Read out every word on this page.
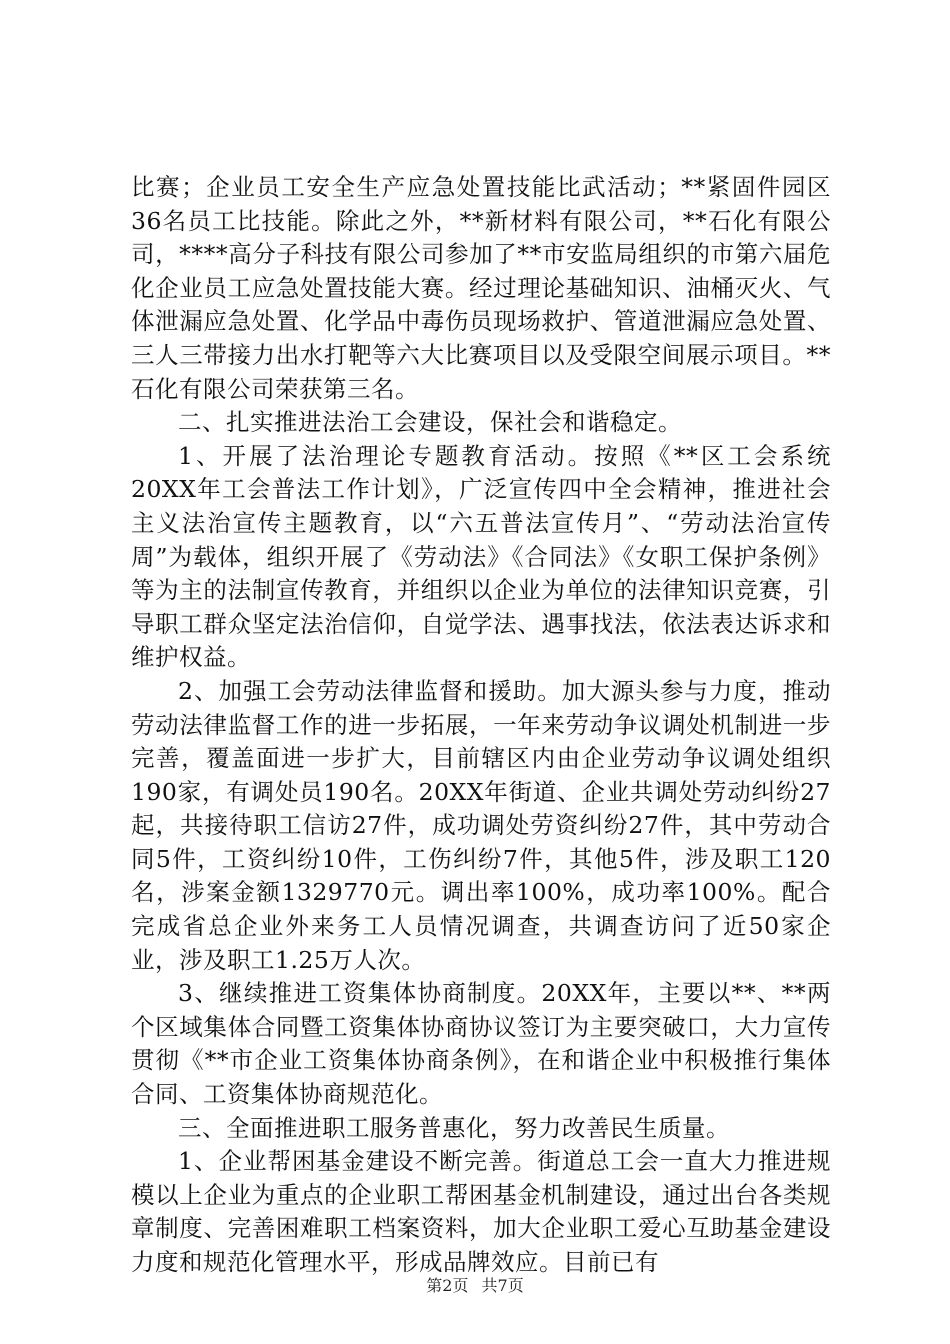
比赛；企业员工安全生产应急处置技能比武活动；**紧固件园区36名员工比技能。除此之外，**新材料有限公司，**石化有限公司，****高分子科技有限公司参加了**市安监局组织的市第六届危化企业员工应急处置技能大赛。经过理论基础知识、油桶灭火、气体泄漏应急处置、化学品中毒伤员现场救护、管道泄漏应急处置、三人三带接力出水打靶等六大比赛项目以及受限空间展示项目。**石化有限公司荣获第三名。

二、扎实推进法治工会建设，保社会和谐稳定。

1、开展了法治理论专题教育活动。按照《**区工会系统20XX年工会普法工作计划》，广泛宣传四中全会精神，推进社会主义法治宣传主题教育，以“六五普法宣传月”、“劳动法治宣传周”为载体，组织开展了《劳动法》《合同法》《女职工保护条例》等为主的法制宣传教育，并组织以企业为单位的法律知识竞赛，引导职工群众坚定法治信仰，自觉学法、遇事找法，依法表达诉求和维护权益。

2、加强工会劳动法律监督和援助。加大源头参与力度，推动劳动法律监督工作的进一步拓展，一年来劳动争议调处机制进一步完善，覆盖面进一步扩大，目前辖区内由企业劳动争议调处组织190家，有调处员190名。20XX年街道、企业共调处劳动纠纷27起，共接待职工信访27件，成功调处劳资纠纷27件，其中劳动合同5件，工资纠纷10件，工伤纠纷7件，其他5件，涉及职工120名，涉案金额1329770元。调出率100%，成功率100%。配合完成省总企业外来务工人员情况调查，共调查访问了近50家企业，涉及职工1.25万人次。

3、继续推进工资集体协商制度。20XX年，主要以**、**两个区域集体合同暨工资集体协商协议签订为主要突破口，大力宣传贯彻《**市企业工资集体协商条例》，在和谐企业中积极推行集体合同、工资集体协商规范化。

三、全面推进职工服务普惠化，努力改善民生质量。

1、企业帮困基金建设不断完善。街道总工会一直大力推进规模以上企业为重点的企业职工帮困基金机制建设，通过出台各类规章制度、完善困难职工档案资料，加大企业职工爱心互助基金建设力度和规范化管理水平，形成品牌效应。目前已有

第2页 共7页
